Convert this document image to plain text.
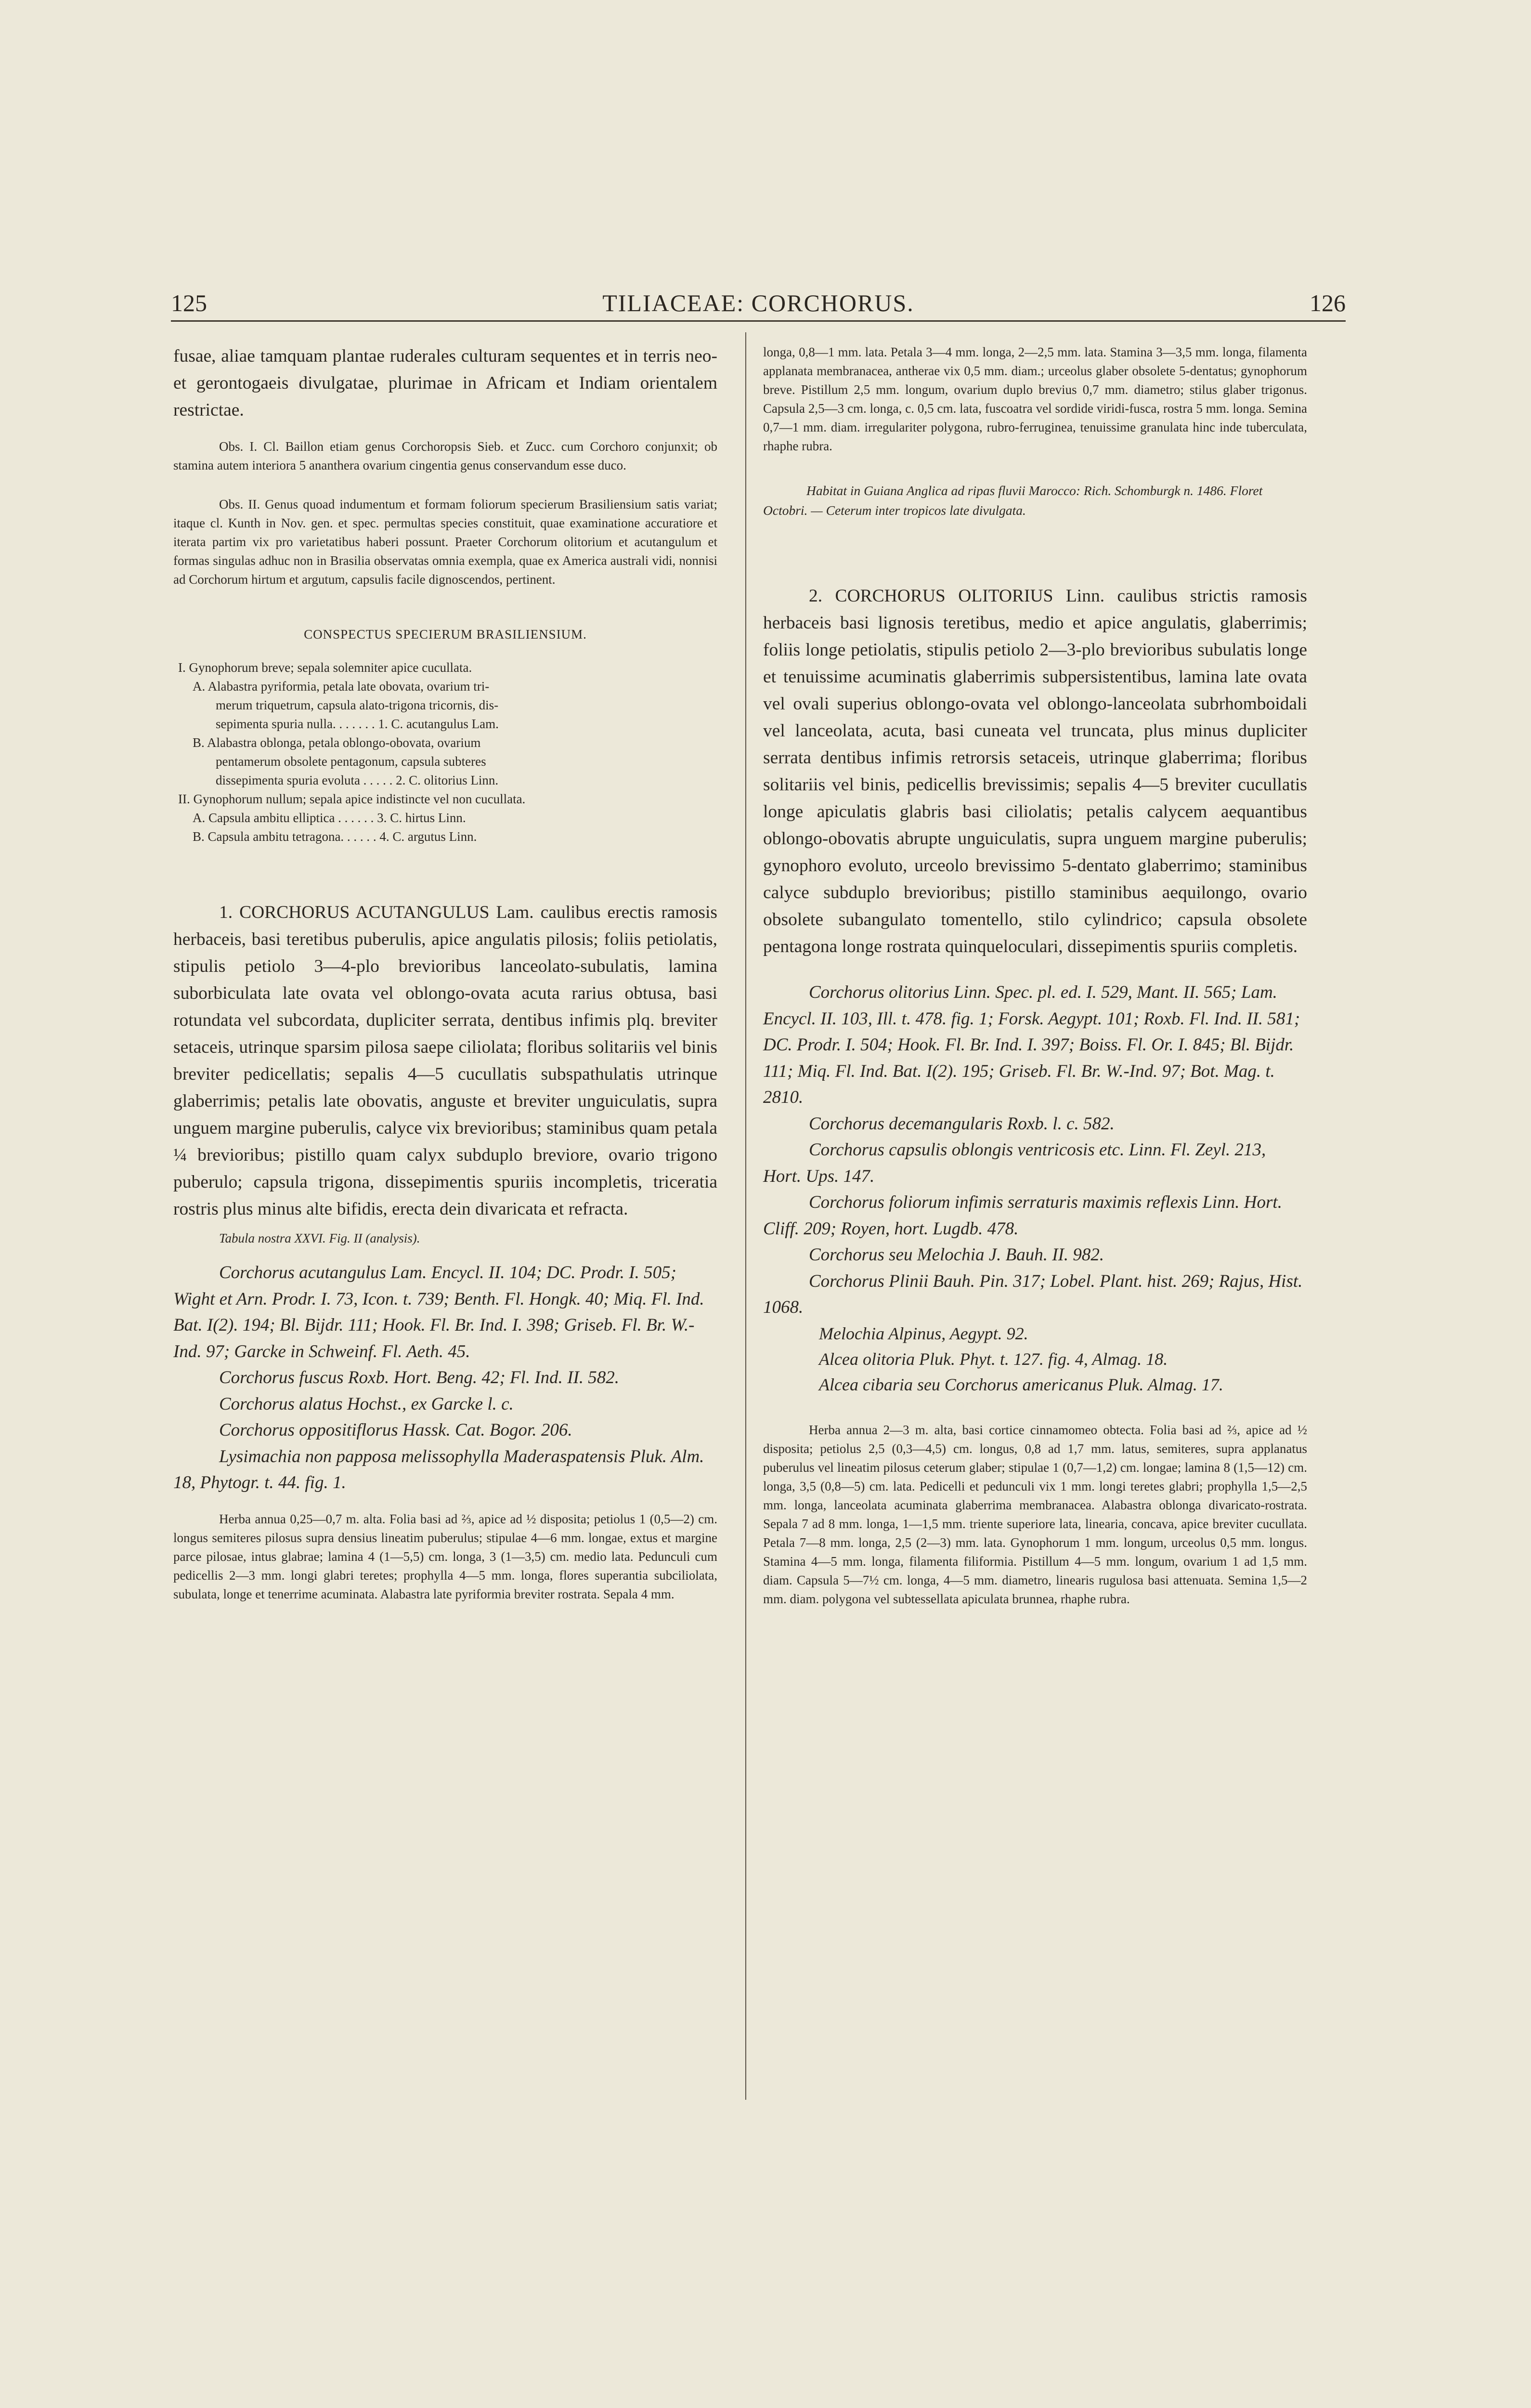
125	TILIACEAE: CORCHORUS.	126

fusae, aliae tamquam plantae ruderales culturam sequentes et in terris neo- et gerontogaeis divulgatae, plurimae in Africam et Indiam orientalem restrictae.

Obs. I. Cl. Baillon etiam genus Corchoropsis Sieb. et Zucc. cum Corchoro conjunxit; ob stamina autem interiora 5 ananthera ovarium cingentia genus conservandum esse duco.

Obs. II. Genus quoad indumentum et formam foliorum specierum Brasiliensium satis variat; itaque cl. Kunth in Nov. gen. et spec. permultas species constituit, quae examinatione accuratiore et iterata partim vix pro varietatibus haberi possunt. Praeter Corchorum olitorium et acutangulum et formas singulas adhuc non in Brasilia observatas omnia exempla, quae ex America australi vidi, nonnisi ad Corchorum hirtum et argutum, capsulis facile dignoscendos, pertinent.

CONSPECTUS SPECIERUM BRASILIENSIUM.

I. Gynophorum breve; sepala solemniter apice cucullata.

A. Alabastra pyriformia, petala late obovata, ovarium tri-

merum triquetrum, capsula alato-trigona tricornis, dis-

sepimenta spuria nulla. . . . . . . 1. C. acutangulus Lam.

B. Alabastra oblonga, petala oblongo-obovata, ovarium

pentamerum obsolete pentagonum, capsula subteres

dissepimenta spuria evoluta . . . . . 2. C. olitorius Linn.

II. Gynophorum nullum; sepala apice indistincte vel non cucullata.

A. Capsula ambitu elliptica . . . . . . 3. C. hirtus Linn.

B. Capsula ambitu tetragona. . . . . . 4. C. argutus Linn.

1. CORCHORUS ACUTANGULUS Lam. caulibus erectis ramosis herbaceis, basi teretibus puberulis, apice angulatis pilosis; foliis petiolatis, stipulis petiolo 3—4-plo brevioribus lanceolato-subulatis, lamina suborbiculata late ovata vel oblongo-ovata acuta rarius obtusa, basi rotundata vel subcordata, dupliciter serrata, dentibus infimis plq. breviter setaceis, utrinque sparsim pilosa saepe ciliolata; floribus solitariis vel binis breviter pedicellatis; sepalis 4—5 cucullatis subspathulatis utrinque glaberrimis; petalis late obovatis, anguste et breviter unguiculatis, supra unguem margine puberulis, calyce vix brevioribus; staminibus quam petala ¼ brevioribus; pistillo quam calyx subduplo breviore, ovario trigono puberulo; capsula trigona, dissepimentis spuriis incompletis, triceratia rostris plus minus alte bifidis, erecta dein divaricata et refracta.

Tabula nostra XXVI. Fig. II (analysis).

Corchorus acutangulus Lam. Encycl. II. 104; DC. Prodr. I. 505; Wight et Arn. Prodr. I. 73, Icon. t. 739; Benth. Fl. Hongk. 40; Miq. Fl. Ind. Bat. I(2). 194; Bl. Bijdr. 111; Hook. Fl. Br. Ind. I. 398; Griseb. Fl. Br. W.-Ind. 97; Garcke in Schweinf. Fl. Aeth. 45.

Corchorus fuscus Roxb. Hort. Beng. 42; Fl. Ind. II. 582.

Corchorus alatus Hochst., ex Garcke l. c.

Corchorus oppositiflorus Hassk. Cat. Bogor. 206.

Lysimachia non papposa melissophylla Maderaspatensis Pluk. Alm. 18, Phytogr. t. 44. fig. 1.

Herba annua 0,25—0,7 m. alta. Folia basi ad ⅔, apice ad ½ disposita; petiolus 1 (0,5—2) cm. longus semiteres pilosus supra densius lineatim puberulus; stipulae 4—6 mm. longae, extus et margine parce pilosae, intus glabrae; lamina 4 (1—5,5) cm. longa, 3 (1—3,5) cm. medio lata. Pedunculi cum pedicellis 2—3 mm. longi glabri teretes; prophylla 4—5 mm. longa, flores superantia subciliolata, subulata, longe et tenerrime acuminata. Alabastra late pyriformia breviter rostrata. Sepala 4 mm.

longa, 0,8—1 mm. lata. Petala 3—4 mm. longa, 2—2,5 mm. lata. Stamina 3—3,5 mm. longa, filamenta applanata membranacea, antherae vix 0,5 mm. diam.; urceolus glaber obsolete 5-dentatus; gynophorum breve. Pistillum 2,5 mm. longum, ovarium duplo brevius 0,7 mm. diametro; stilus glaber trigonus. Capsula 2,5—3 cm. longa, c. 0,5 cm. lata, fuscoatra vel sordide viridi-fusca, rostra 5 mm. longa. Semina 0,7—1 mm. diam. irregulariter polygona, rubro-ferruginea, tenuissime granulata hinc inde tuberculata, rhaphe rubra.

Habitat in Guiana Anglica ad ripas fluvii Marocco: Rich. Schomburgk n. 1486. Floret Octobri. — Ceterum inter tropicos late divulgata.

2. CORCHORUS OLITORIUS Linn. caulibus strictis ramosis herbaceis basi lignosis teretibus, medio et apice angulatis, glaberrimis; foliis longe petiolatis, stipulis petiolo 2—3-plo brevioribus subulatis longe et tenuissime acuminatis glaberrimis subpersistentibus, lamina late ovata vel ovali superius oblongo-ovata vel oblongo-lanceolata subrhomboidali vel lanceolata, acuta, basi cuneata vel truncata, plus minus dupliciter serrata dentibus infimis retrorsis setaceis, utrinque glaberrima; floribus solitariis vel binis, pedicellis brevissimis; sepalis 4—5 breviter cucullatis longe apiculatis glabris basi ciliolatis; petalis calycem aequantibus oblongo-obovatis abrupte unguiculatis, supra unguem margine puberulis; gynophoro evoluto, urceolo brevissimo 5-dentato glaberrimo; staminibus calyce subduplo brevioribus; pistillo staminibus aequilongo, ovario obsolete subangulato tomentello, stilo cylindrico; capsula obsolete pentagona longe rostrata quinqueloculari, dissepimentis spuriis completis.

Corchorus olitorius Linn. Spec. pl. ed. I. 529, Mant. II. 565; Lam. Encycl. II. 103, Ill. t. 478. fig. 1; Forsk. Aegypt. 101; Roxb. Fl. Ind. II. 581; DC. Prodr. I. 504; Hook. Fl. Br. Ind. I. 397; Boiss. Fl. Or. I. 845; Bl. Bijdr. 111; Miq. Fl. Ind. Bat. I(2). 195; Griseb. Fl. Br. W.-Ind. 97; Bot. Mag. t. 2810.

Corchorus decemangularis Roxb. l. c. 582.

Corchorus capsulis oblongis ventricosis etc. Linn. Fl. Zeyl. 213, Hort. Ups. 147.

Corchorus foliorum infimis serraturis maximis reflexis Linn. Hort. Cliff. 209; Royen, hort. Lugdb. 478.

Corchorus seu Melochia J. Bauh. II. 982.

Corchorus Plinii Bauh. Pin. 317; Lobel. Plant. hist. 269; Rajus, Hist. 1068.

Melochia Alpinus, Aegypt. 92.

Alcea olitoria Pluk. Phyt. t. 127. fig. 4, Almag. 18.

Alcea cibaria seu Corchorus americanus Pluk. Almag. 17.

Herba annua 2—3 m. alta, basi cortice cinnamomeo obtecta. Folia basi ad ⅔, apice ad ½ disposita; petiolus 2,5 (0,3—4,5) cm. longus, 0,8 ad 1,7 mm. latus, semiteres, supra applanatus puberulus vel lineatim pilosus ceterum glaber; stipulae 1 (0,7—1,2) cm. longae; lamina 8 (1,5—12) cm. longa, 3,5 (0,8—5) cm. lata. Pedicelli et pedunculi vix 1 mm. longi teretes glabri; prophylla 1,5—2,5 mm. longa, lanceolata acuminata glaberrima membranacea. Alabastra oblonga divaricato-rostrata. Sepala 7 ad 8 mm. longa, 1—1,5 mm. triente superiore lata, linearia, concava, apice breviter cucullata. Petala 7—8 mm. longa, 2,5 (2—3) mm. lata. Gynophorum 1 mm. longum, urceolus 0,5 mm. longus. Stamina 4—5 mm. longa, filamenta filiformia. Pistillum 4—5 mm. longum, ovarium 1 ad 1,5 mm. diam. Capsula 5—7½ cm. longa, 4—5 mm. diametro, linearis rugulosa basi attenuata. Semina 1,5—2 mm. diam. polygona vel subtessellata apiculata brunnea, rhaphe rubra.
